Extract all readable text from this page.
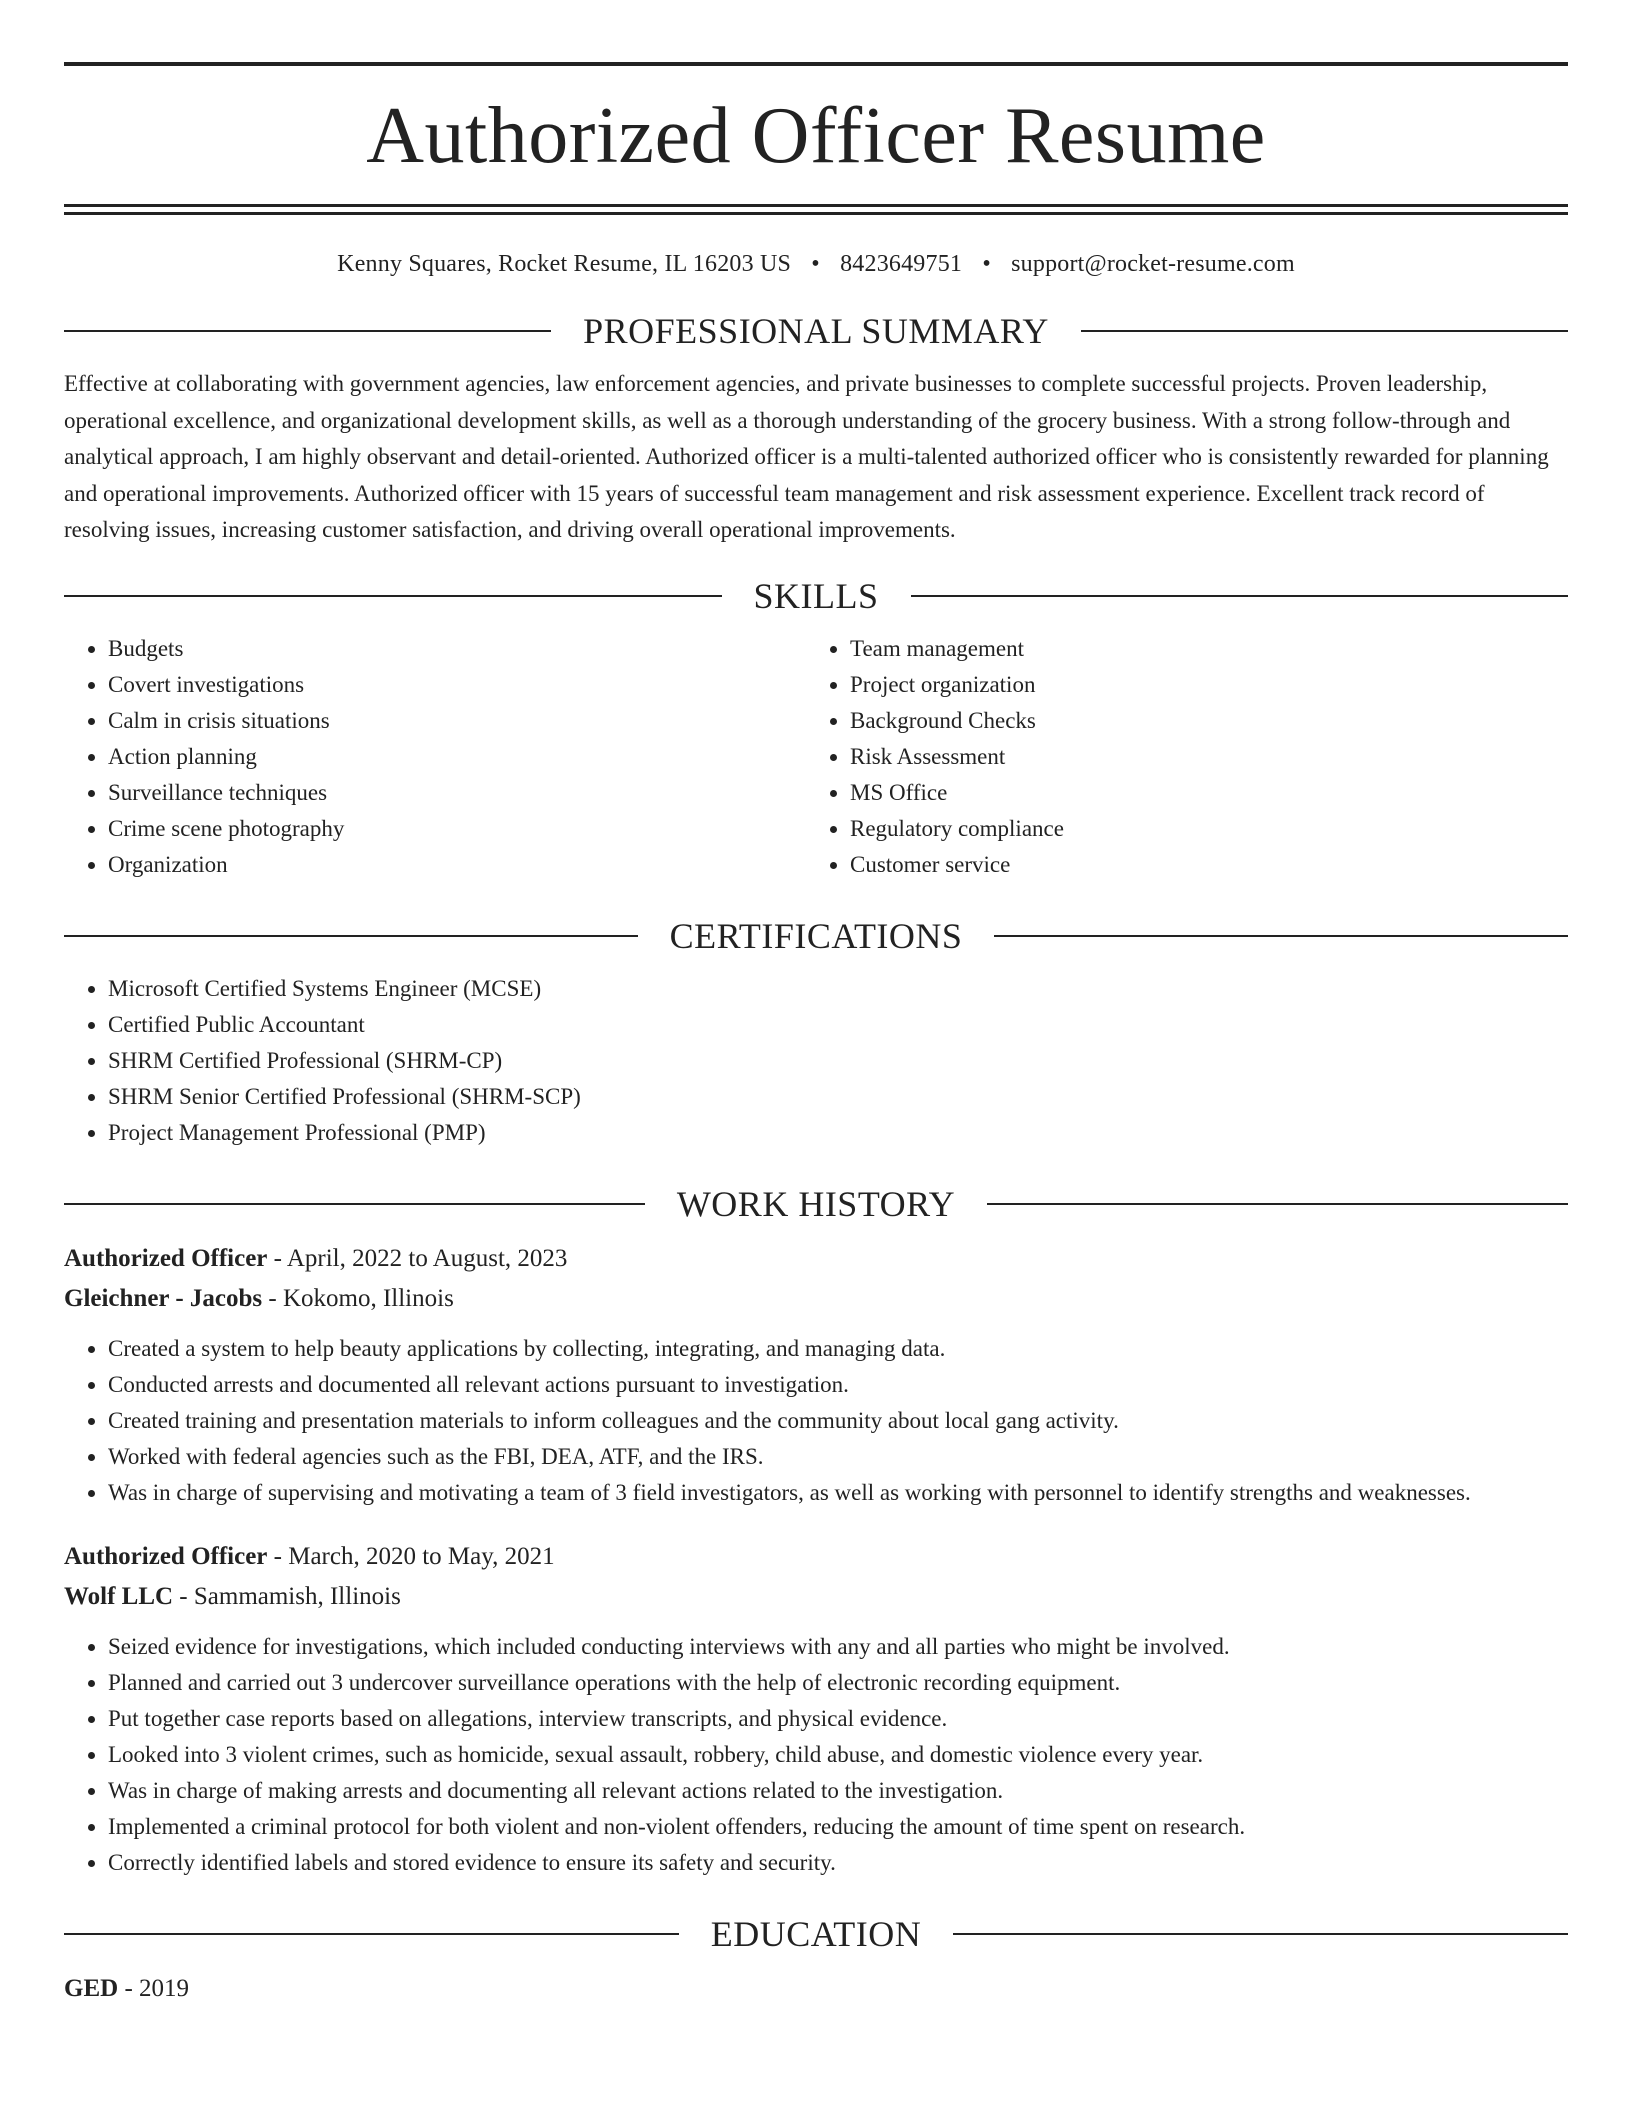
Authorized Officer Resume
Kenny Squares, Rocket Resume, IL 16203 US • 8423649751 • support@rocket-resume.com
PROFESSIONAL SUMMARY

Effective at collaborating with government agencies, law enforcement agencies, and private businesses to complete successful projects. Proven leadership, operational excellence, and organizational development skills, as well as a thorough understanding of the grocery business. With a strong follow-through and analytical approach, I am highly observant and detail-oriented. Authorized officer is a multi-talented authorized officer who is consistently rewarded for planning and operational improvements. Authorized officer with 15 years of successful team management and risk assessment experience. Excellent track record of resolving issues, increasing customer satisfaction, and driving overall operational improvements.

SKILLS
• Budgets
• Covert investigations
• Calm in crisis situations
• Action planning
• Surveillance techniques
• Crime scene photography
• Organization
• Team management
• Project organization
• Background Checks
• Risk Assessment
• MS Office
• Regulatory compliance
• Customer service
CERTIFICATIONS
• Microsoft Certified Systems Engineer (MCSE)
• Certified Public Accountant
• SHRM Certified Professional (SHRM-CP)
• SHRM Senior Certified Professional (SHRM-SCP)
• Project Management Professional (PMP)
WORK HISTORY
Authorized Officer - April, 2022 to August, 2023
Gleichner - Jacobs - Kokomo, Illinois
• Created a system to help beauty applications by collecting, integrating, and managing data.
• Conducted arrests and documented all relevant actions pursuant to investigation.
• Created training and presentation materials to inform colleagues and the community about local gang activity.
• Worked with federal agencies such as the FBI, DEA, ATF, and the IRS.
• Was in charge of supervising and motivating a team of 3 field investigators, as well as working with personnel to identify strengths and weaknesses.
Authorized Officer - March, 2020 to May, 2021
Wolf LLC - Sammamish, Illinois
• Seized evidence for investigations, which included conducting interviews with any and all parties who might be involved.
• Planned and carried out 3 undercover surveillance operations with the help of electronic recording equipment.
• Put together case reports based on allegations, interview transcripts, and physical evidence.
• Looked into 3 violent crimes, such as homicide, sexual assault, robbery, child abuse, and domestic violence every year.
• Was in charge of making arrests and documenting all relevant actions related to the investigation.
• Implemented a criminal protocol for both violent and non-violent offenders, reducing the amount of time spent on research.
• Correctly identified labels and stored evidence to ensure its safety and security.
EDUCATION
GED - 2019
